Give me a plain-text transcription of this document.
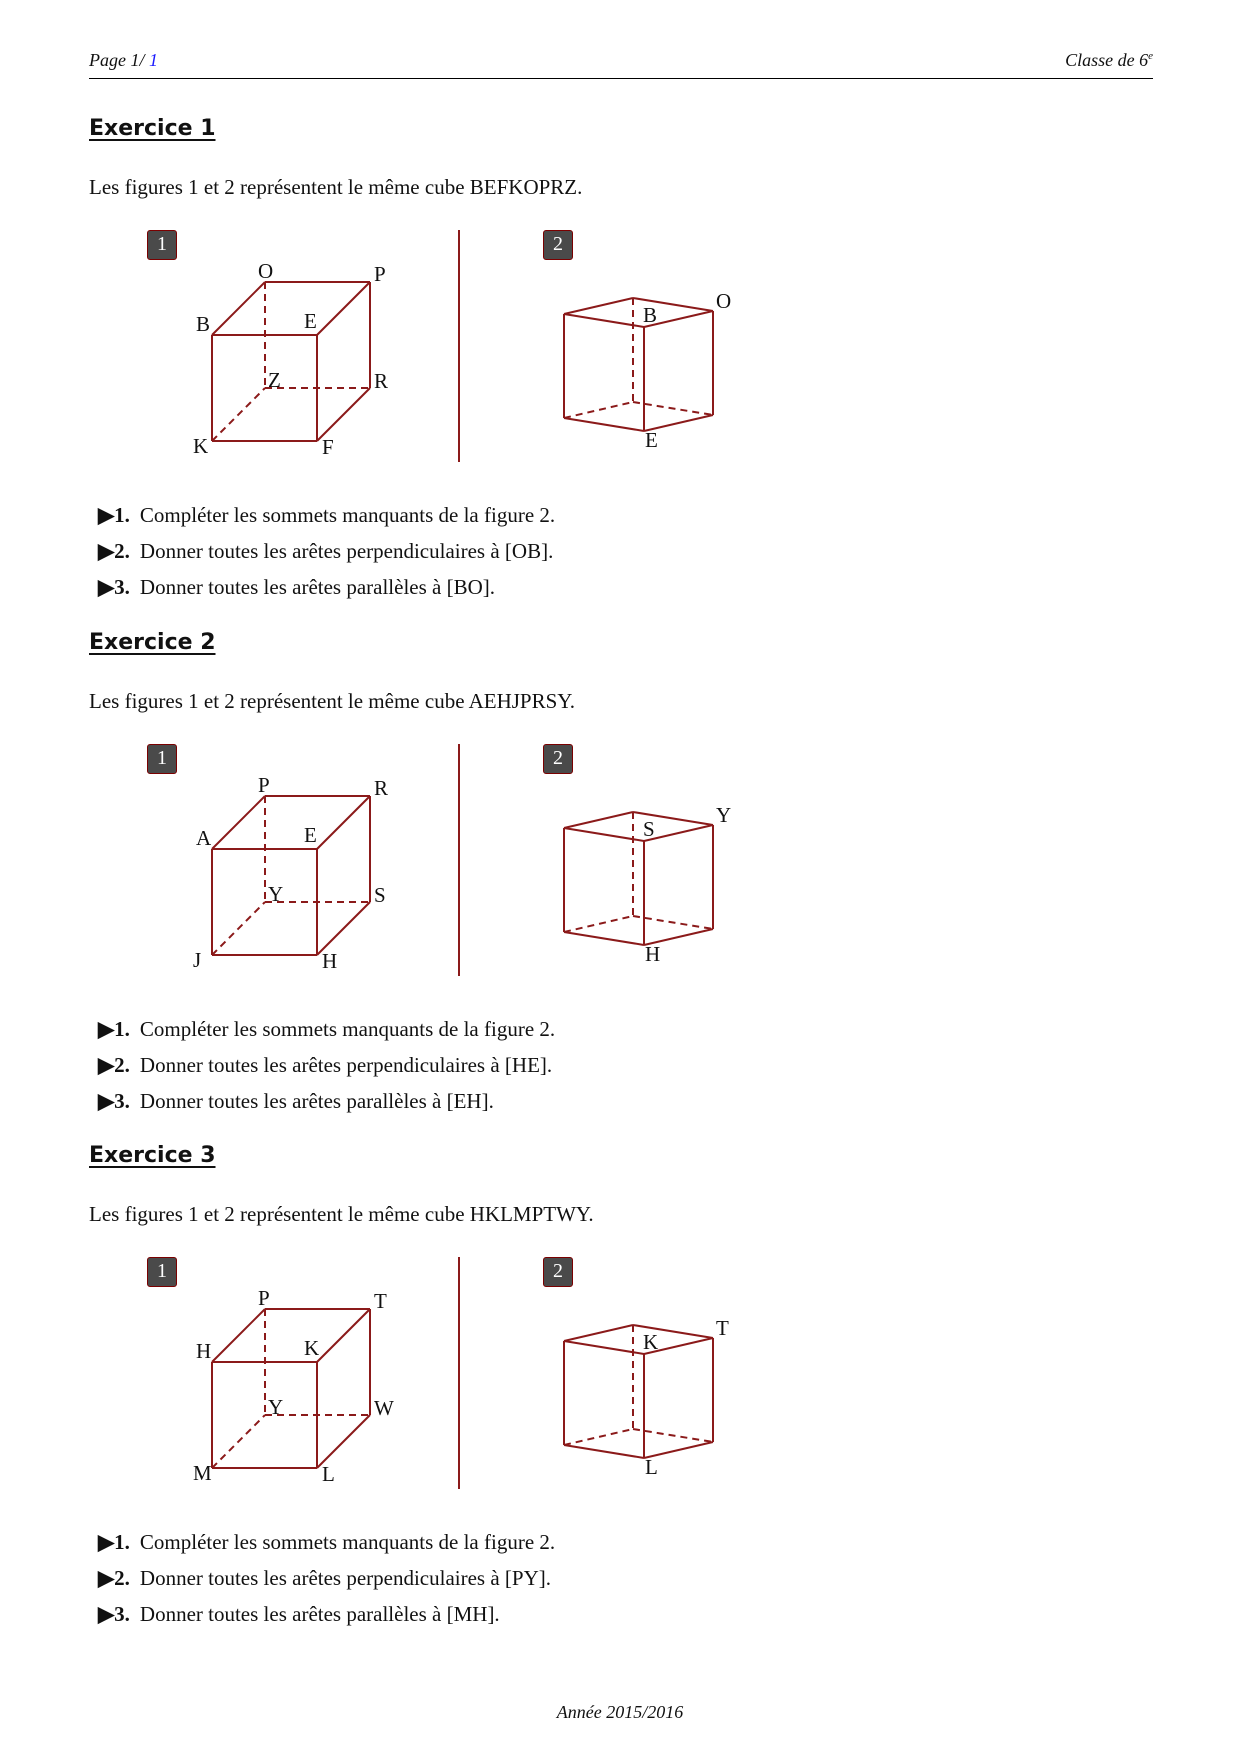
Page 1/ 1	Classe de 6e
Exercice 1
Les figures 1 et 2 représentent le même cube BEFKOPRZ.
1	2
O	P
B	E
Z	R
K	F
B
O
E
▶1. Compléter les sommets manquants de la figure 2.
▶2. Donner toutes les arêtes perpendiculaires à [OB].
▶3. Donner toutes les arêtes parallèles à [BO].
Exercice 2
Les figures 1 et 2 représentent le même cube AEHJPRSY.
1	2
P	R
A	E
Y	S
J	H
S
Y
H
▶1. Compléter les sommets manquants de la figure 2.
▶2. Donner toutes les arêtes perpendiculaires à [HE].
▶3. Donner toutes les arêtes parallèles à [EH].
Exercice 3
Les figures 1 et 2 représentent le même cube HKLMPTWY.
1	2
P	T
H	K
Y	W
M	L
K
T
L
▶1. Compléter les sommets manquants de la figure 2.
▶2. Donner toutes les arêtes perpendiculaires à [PY].
▶3. Donner toutes les arêtes parallèles à [MH].
Année 2015/2016
